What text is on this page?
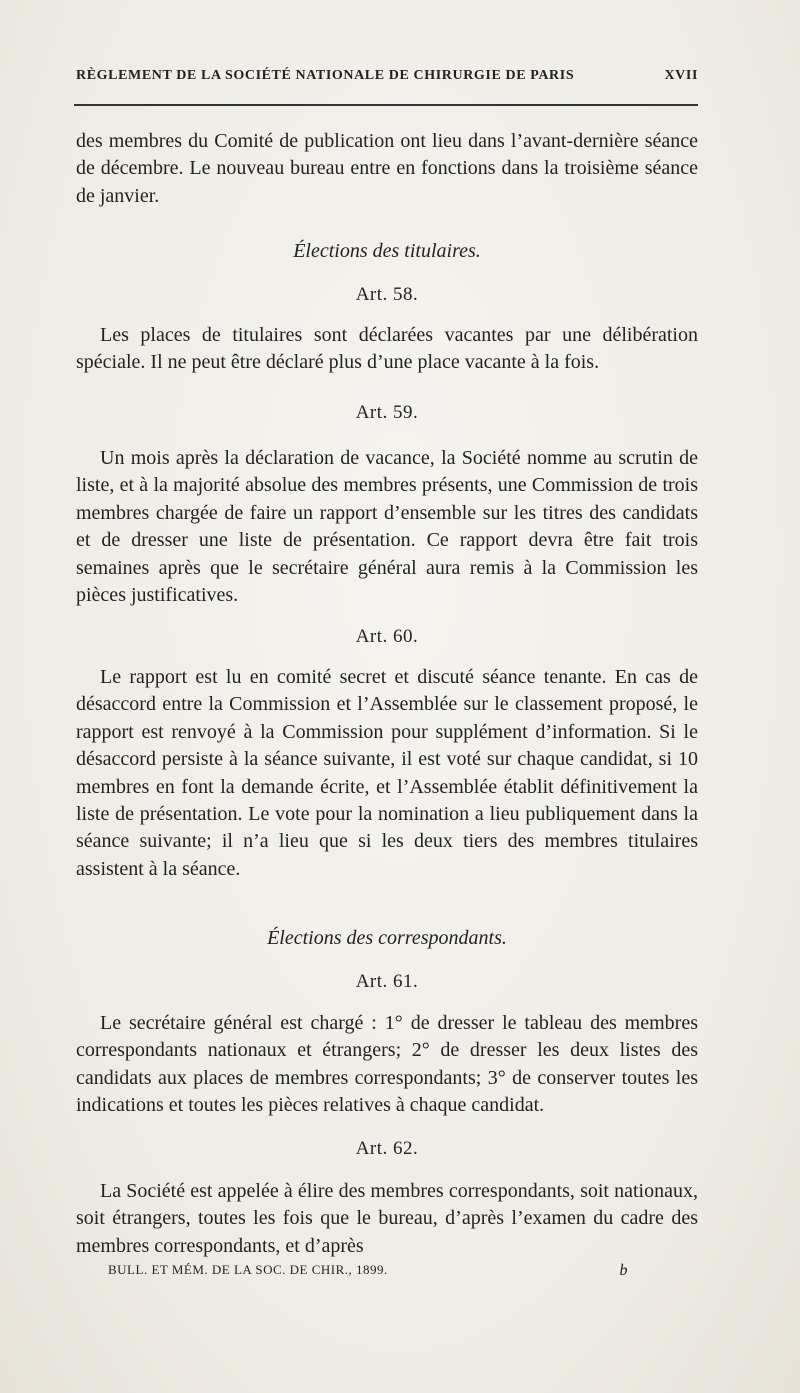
RÈGLEMENT DE LA SOCIÉTÉ NATIONALE DE CHIRURGIE DE PARIS	XVII

des membres du Comité de publication ont lieu dans l’avant-dernière séance de décembre. Le nouveau bureau entre en fonctions dans la troisième séance de janvier.

Élections des titulaires.

Art. 58.

Les places de titulaires sont déclarées vacantes par une délibération spéciale. Il ne peut être déclaré plus d’une place vacante à la fois.

Art. 59.

Un mois après la déclaration de vacance, la Société nomme au scrutin de liste, et à la majorité absolue des membres présents, une Commission de trois membres chargée de faire un rapport d’ensemble sur les titres des candidats et de dresser une liste de présentation. Ce rapport devra être fait trois semaines après que le secrétaire général aura remis à la Commission les pièces justificatives.

Art. 60.

Le rapport est lu en comité secret et discuté séance tenante. En cas de désaccord entre la Commission et l’Assemblée sur le classement proposé, le rapport est renvoyé à la Commission pour supplément d’information. Si le désaccord persiste à la séance suivante, il est voté sur chaque candidat, si 10 membres en font la demande écrite, et l’Assemblée établit définitivement la liste de présentation. Le vote pour la nomination a lieu publiquement dans la séance suivante; il n’a lieu que si les deux tiers des membres titulaires assistent à la séance.

Élections des correspondants.

Art. 61.

Le secrétaire général est chargé : 1° de dresser le tableau des membres correspondants nationaux et étrangers; 2° de dresser les deux listes des candidats aux places de membres correspondants; 3° de conserver toutes les indications et toutes les pièces relatives à chaque candidat.

Art. 62.

La Société est appelée à élire des membres correspondants, soit nationaux, soit étrangers, toutes les fois que le bureau, d’après l’examen du cadre des membres correspondants, et d’après

BULL. ET MÉM. DE LA SOC. DE CHIR., 1899.	b
